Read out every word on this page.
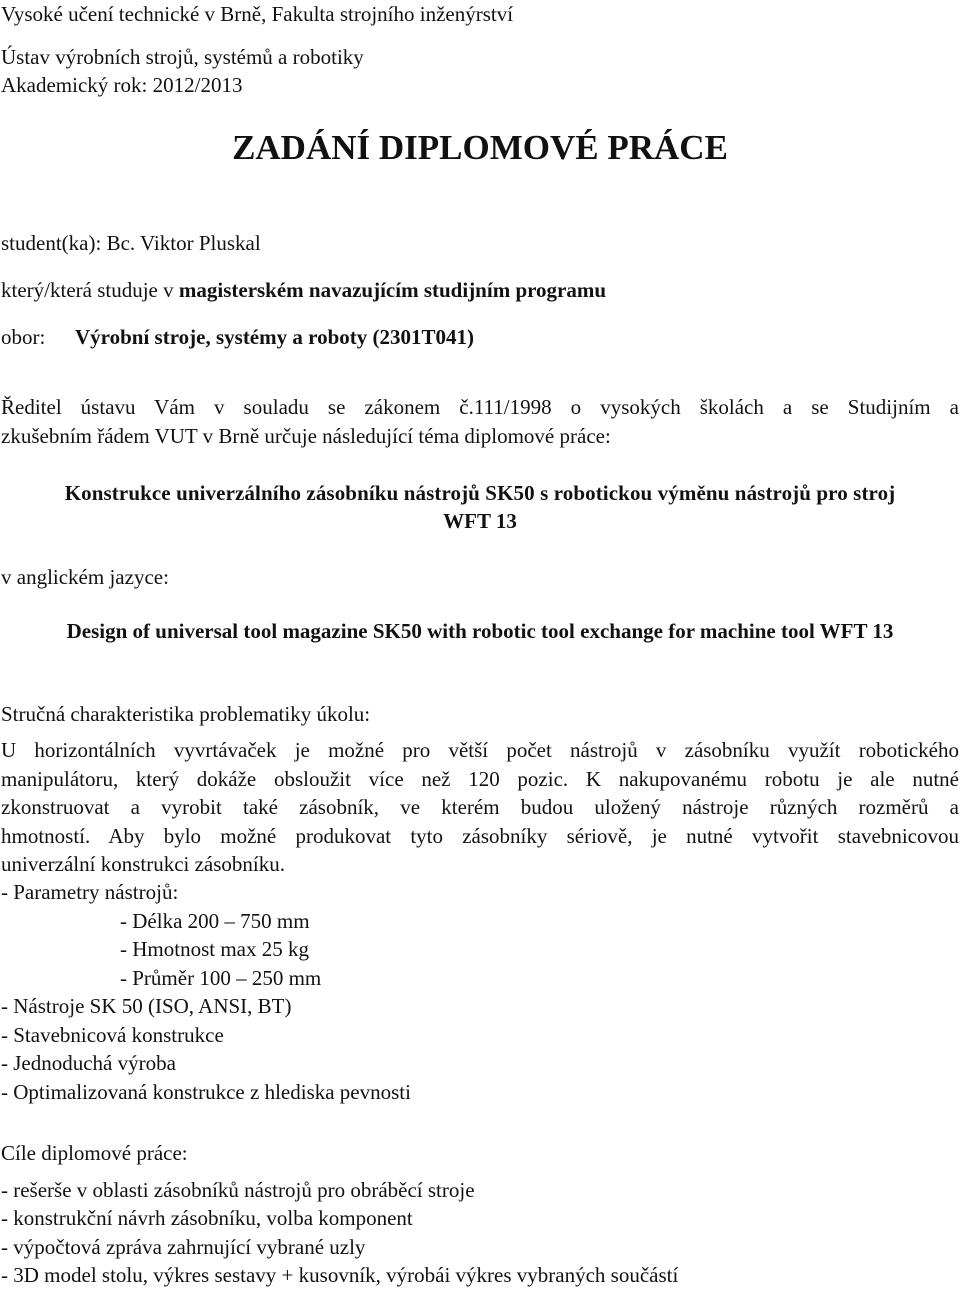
Vysoké učení technické v Brně, Fakulta strojního inženýrství

Ústav výrobních strojů, systémů a robotiky

Akademický rok: 2012/2013

ZADÁNÍ DIPLOMOVÉ PRÁCE

student(ka): Bc. Viktor Pluskal

který/která studuje v magisterském navazujícím studijním programu

obor: Výrobní stroje, systémy a roboty (2301T041)

Ředitel ústavu Vám v souladu se zákonem č.111/1998 o vysokých školách a se Studijním a

zkušebním řádem VUT v Brně určuje následující téma diplomové práce:

Konstrukce univerzálního zásobníku nástrojů SK50 s robotickou výměnu nástrojů pro stroj

WFT 13

v anglickém jazyce:

Design of universal tool magazine SK50 with robotic tool exchange for machine tool WFT 13

Stručná charakteristika problematiky úkolu:

U horizontálních vyvrtávaček je možné pro větší počet nástrojů v zásobníku využít robotického

manipulátoru, který dokáže obsloužit více než 120 pozic. K nakupovanému robotu je ale nutné

zkonstruovat a vyrobit také zásobník, ve kterém budou uložený nástroje různých rozměrů a

hmotností. Aby bylo možné produkovat tyto zásobníky sériově, je nutné vytvořit stavebnicovou

univerzální konstrukci zásobníku.

- Parametry nástrojů:

- Délka 200 – 750 mm

- Hmotnost max 25 kg

- Průměr 100 – 250 mm

- Nástroje SK 50 (ISO, ANSI, BT)

- Stavebnicová konstrukce

- Jednoduchá výroba

- Optimalizovaná konstrukce z hlediska pevnosti

Cíle diplomové práce:

- rešerše v oblasti zásobníků nástrojů pro obráběcí stroje

- konstrukční návrh zásobníku, volba komponent

- výpočtová zpráva zahrnující vybrané uzly

- 3D model stolu, výkres sestavy + kusovník, výrobái výkres vybraných součástí
